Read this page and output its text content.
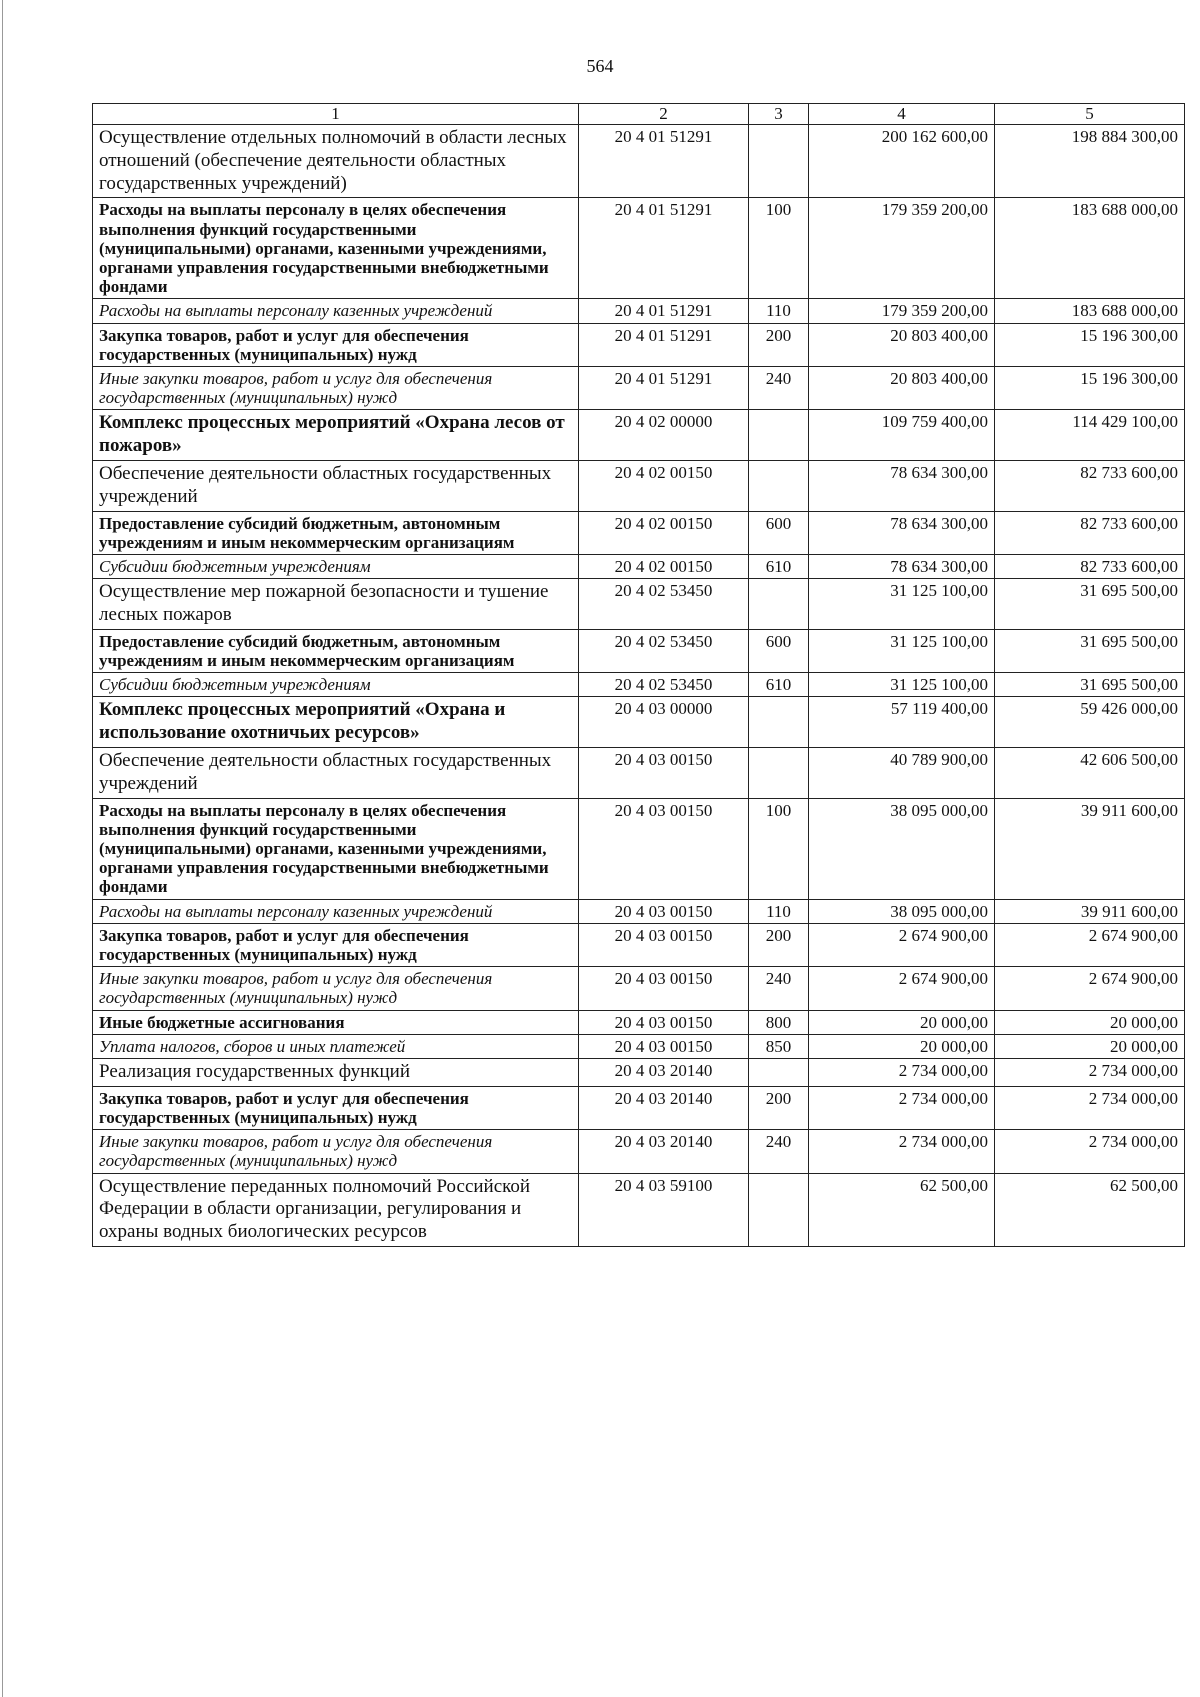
564
1	2	3	4	5
Осуществление отдельных полномочий в области лесных отношений (обеспечение деятельности областных государственных учреждений)	20 4 01 51291		200 162 600,00	198 884 300,00
Расходы на выплаты персоналу в целях обеспечения выполнения функций государственными (муниципальными) органами, казенными учреждениями, органами управления государственными внебюджетными фондами	20 4 01 51291	100	179 359 200,00	183 688 000,00
Расходы на выплаты персоналу казенных учреждений	20 4 01 51291	110	179 359 200,00	183 688 000,00
Закупка товаров, работ и услуг для обеспечения государственных (муниципальных) нужд	20 4 01 51291	200	20 803 400,00	15 196 300,00
Иные закупки товаров, работ и услуг для обеспечения государственных (муниципальных) нужд	20 4 01 51291	240	20 803 400,00	15 196 300,00
Комплекс процессных мероприятий «Охрана лесов от пожаров»	20 4 02 00000		109 759 400,00	114 429 100,00
Обеспечение деятельности областных государственных учреждений	20 4 02 00150		78 634 300,00	82 733 600,00
Предоставление субсидий бюджетным, автономным учреждениям и иным некоммерческим организациям	20 4 02 00150	600	78 634 300,00	82 733 600,00
Субсидии бюджетным учреждениям	20 4 02 00150	610	78 634 300,00	82 733 600,00
Осуществление мер пожарной безопасности и тушение лесных пожаров	20 4 02 53450		31 125 100,00	31 695 500,00
Предоставление субсидий бюджетным, автономным учреждениям и иным некоммерческим организациям	20 4 02 53450	600	31 125 100,00	31 695 500,00
Субсидии бюджетным учреждениям	20 4 02 53450	610	31 125 100,00	31 695 500,00
Комплекс процессных мероприятий «Охрана и использование охотничьих ресурсов»	20 4 03 00000		57 119 400,00	59 426 000,00
Обеспечение деятельности областных государственных учреждений	20 4 03 00150		40 789 900,00	42 606 500,00
Расходы на выплаты персоналу в целях обеспечения выполнения функций государственными (муниципальными) органами, казенными учреждениями, органами управления государственными внебюджетными фондами	20 4 03 00150	100	38 095 000,00	39 911 600,00
Расходы на выплаты персоналу казенных учреждений	20 4 03 00150	110	38 095 000,00	39 911 600,00
Закупка товаров, работ и услуг для обеспечения государственных (муниципальных) нужд	20 4 03 00150	200	2 674 900,00	2 674 900,00
Иные закупки товаров, работ и услуг для обеспечения государственных (муниципальных) нужд	20 4 03 00150	240	2 674 900,00	2 674 900,00
Иные бюджетные ассигнования	20 4 03 00150	800	20 000,00	20 000,00
Уплата налогов, сборов и иных платежей	20 4 03 00150	850	20 000,00	20 000,00
Реализация государственных функций	20 4 03 20140		2 734 000,00	2 734 000,00
Закупка товаров, работ и услуг для обеспечения государственных (муниципальных) нужд	20 4 03 20140	200	2 734 000,00	2 734 000,00
Иные закупки товаров, работ и услуг для обеспечения государственных (муниципальных) нужд	20 4 03 20140	240	2 734 000,00	2 734 000,00
Осуществление переданных полномочий Российской Федерации в области организации, регулирования и охраны водных биологических ресурсов	20 4 03 59100		62 500,00	62 500,00
